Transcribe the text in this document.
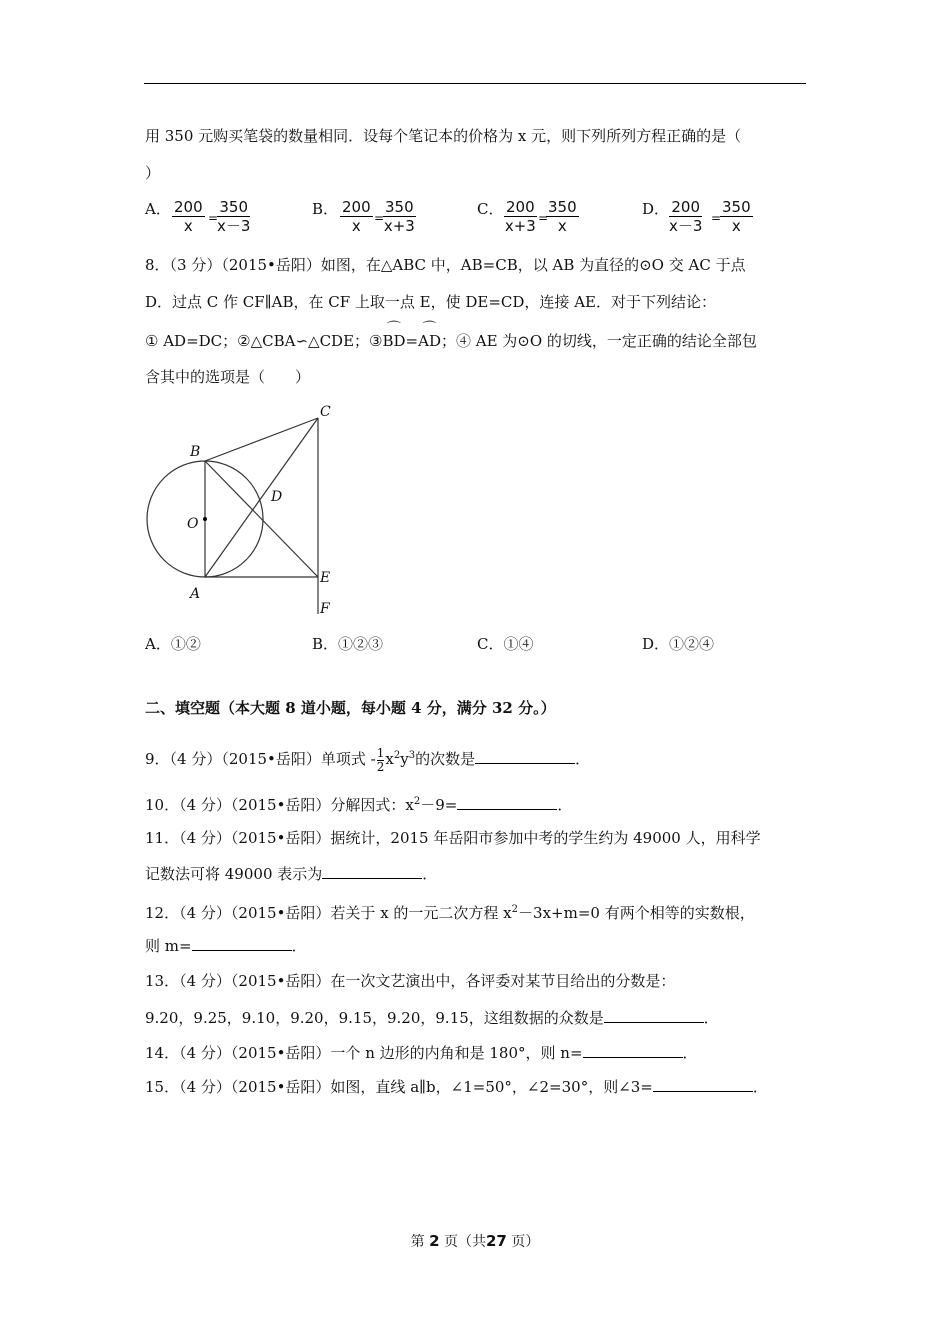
用 350 元购买笔袋的数量相同．设每个笔记本的价格为 x 元，则下列所列方程正确的是（
）
A． $\frac{200}{x}$ =
$\frac{350}{x-3}$	B． $\frac{200}{x}$ =
$\frac{350}{x+3}$	C． $\frac{200}{x+3}$ =
$\frac{350}{x}$	D． $\frac{200}{x-3}$ =
$\frac{350}{x}$
8．（3 分）（2015•岳阳）如图，在△ABC 中，AB=CB，以 AB 为直径的⊙O 交 AC 于点
D．过点 C 作 CF∥AB，在 CF 上取一点 E，使 DE=CD，连接 AE．对于下列结论：
① AD=DC；②△CBA∽△CDE；③⌒ BD=⌒ AD；④ AE 为⊙O 的切线，一定正确的结论全部包
含其中的选项是（　　）
B
C
D
O
A
E
F
A．①②	B．①②③	C．①④	D．①②④
二、填空题（本大题 8 道小题，每小题 4 分，满分 32 分。）
9．（4 分）（2015•岳阳）单项式 - $\frac{1}{2}x^2y^3$的次数是	．
10．（4 分）（2015•岳阳）分解因式：$x^2-9=$	．
11．（4 分）（2015•岳阳）据统计，2015 年岳阳市参加中考的学生约为 49000 人，用科学
记数法可将 49000 表示为	．
12．（4 分）（2015•岳阳）若关于 x 的一元二次方程 $x^2-3x+m=0$ 有两个相等的实数根，
则 m=	．
13．（4 分）（2015•岳阳）在一次文艺演出中，各评委对某节目给出的分数是：
9.20，9.25，9.10，9.20，9.15，9.20，9.15，这组数据的众数是	．
14．（4 分）（2015•岳阳）一个 n 边形的内角和是 180°，则 n=	．
15．（4 分）（2015•岳阳）如图，直线 a∥b，∠1=50°，∠2=30°，则∠3=	．
第 2 页（共27 页）
